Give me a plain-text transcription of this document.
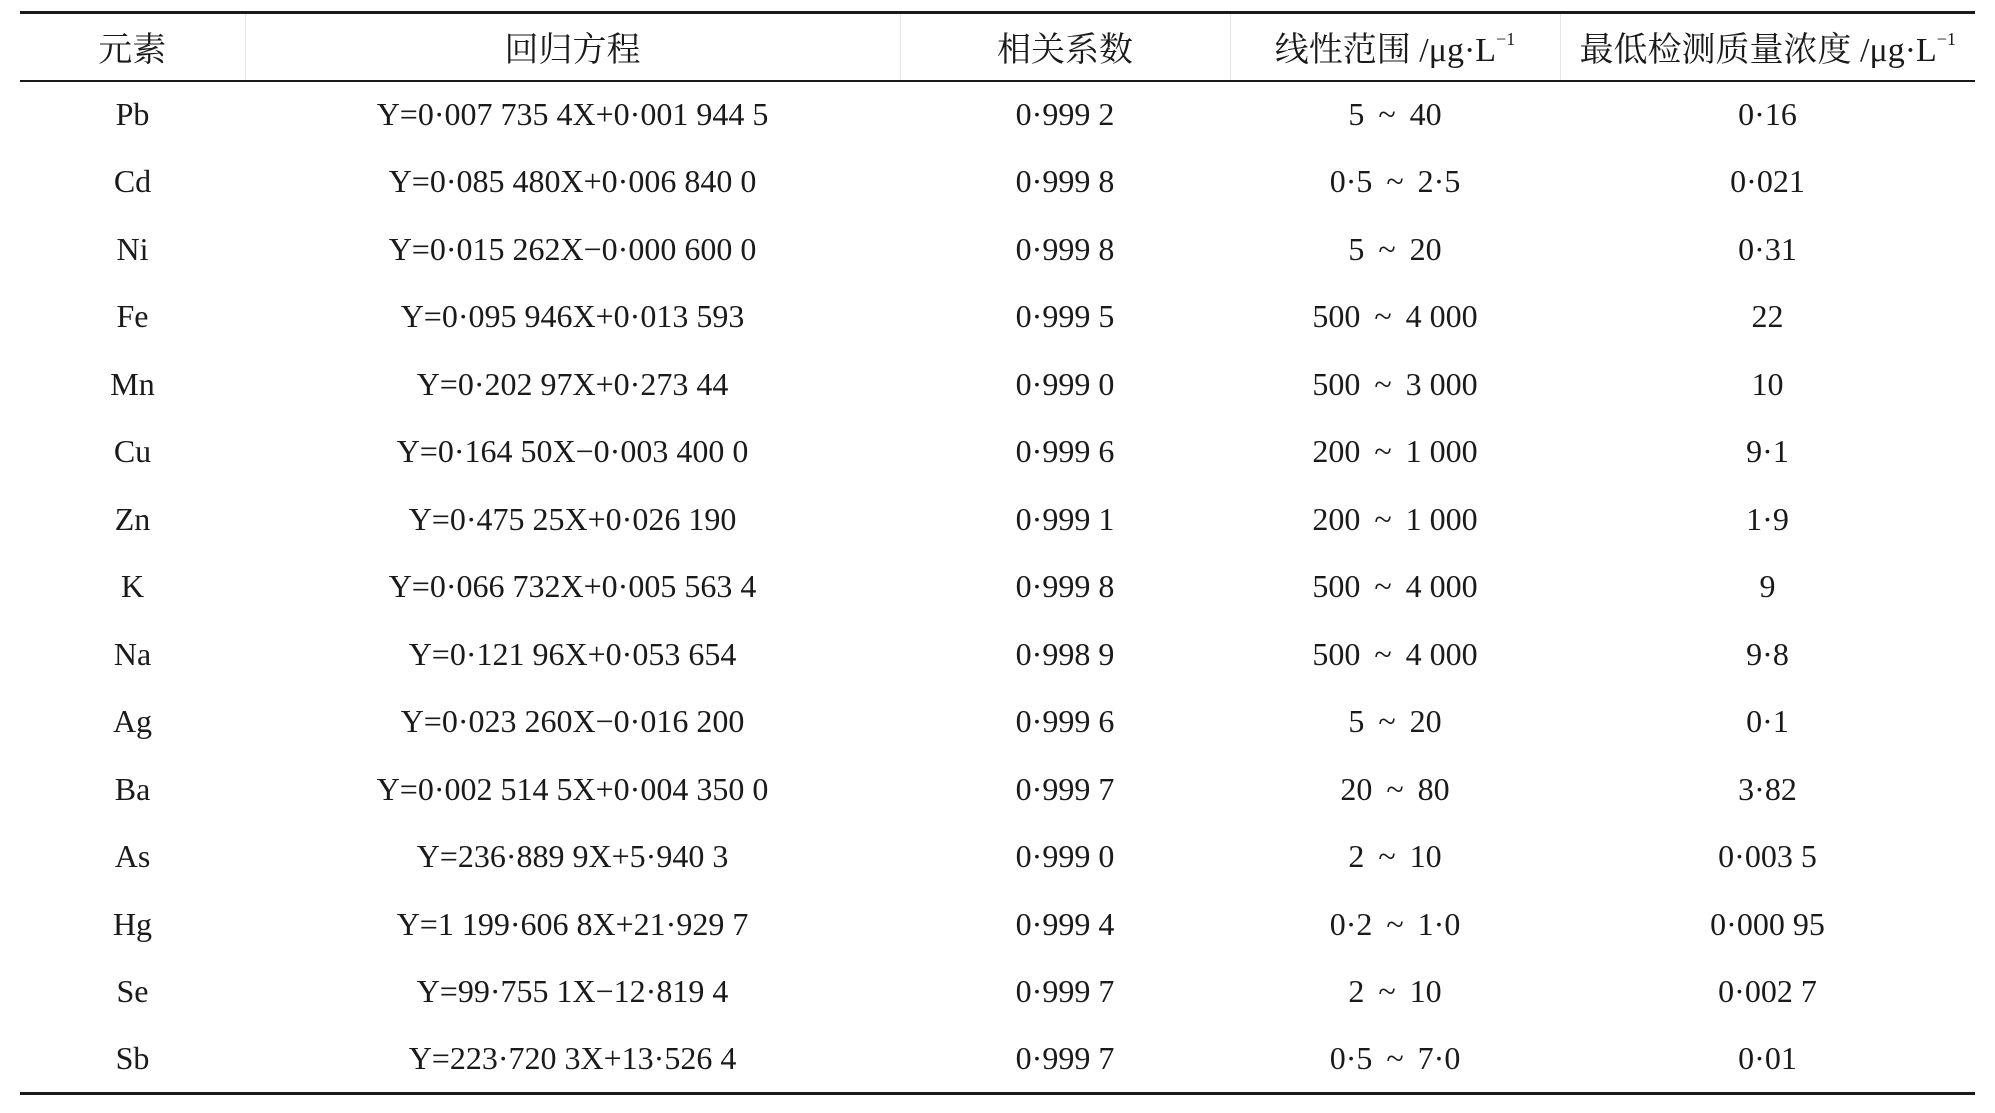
元素	回归方程	相关系数	线性范围 $/\mu g\cdot L^{-1}$	最低检测质量浓度 $/\mu g\cdot L^{-1}$
Pb	Y=0·007 735 4X+0·001 944 5	0·999 2	5 ~ 40	0·16
Cd	Y=0·085 480X+0·006 840 0	0·999 8	0·5 ~ 2·5	0·021
Ni	Y=0·015 262X−0·000 600 0	0·999 8	5 ~ 20	0·31
Fe	Y=0·095 946X+0·013 593	0·999 5	500 ~ 4 000	22
Mn	Y=0·202 97X+0·273 44	0·999 0	500 ~ 3 000	10
Cu	Y=0·164 50X−0·003 400 0	0·999 6	200 ~ 1 000	9·1
Zn	Y=0·475 25X+0·026 190	0·999 1	200 ~ 1 000	1·9
K	Y=0·066 732X+0·005 563 4	0·999 8	500 ~ 4 000	9
Na	Y=0·121 96X+0·053 654	0·998 9	500 ~ 4 000	9·8
Ag	Y=0·023 260X−0·016 200	0·999 6	5 ~ 20	0·1
Ba	Y=0·002 514 5X+0·004 350 0	0·999 7	20 ~ 80	3·82
As	Y=236·889 9X+5·940 3	0·999 0	2 ~ 10	0·003 5
Hg	Y=1 199·606 8X+21·929 7	0·999 4	0·2 ~ 1·0	0·000 95
Se	Y=99·755 1X−12·819 4	0·999 7	2 ~ 10	0·002 7
Sb	Y=223·720 3X+13·526 4	0·999 7	0·5 ~ 7·0	0·01
